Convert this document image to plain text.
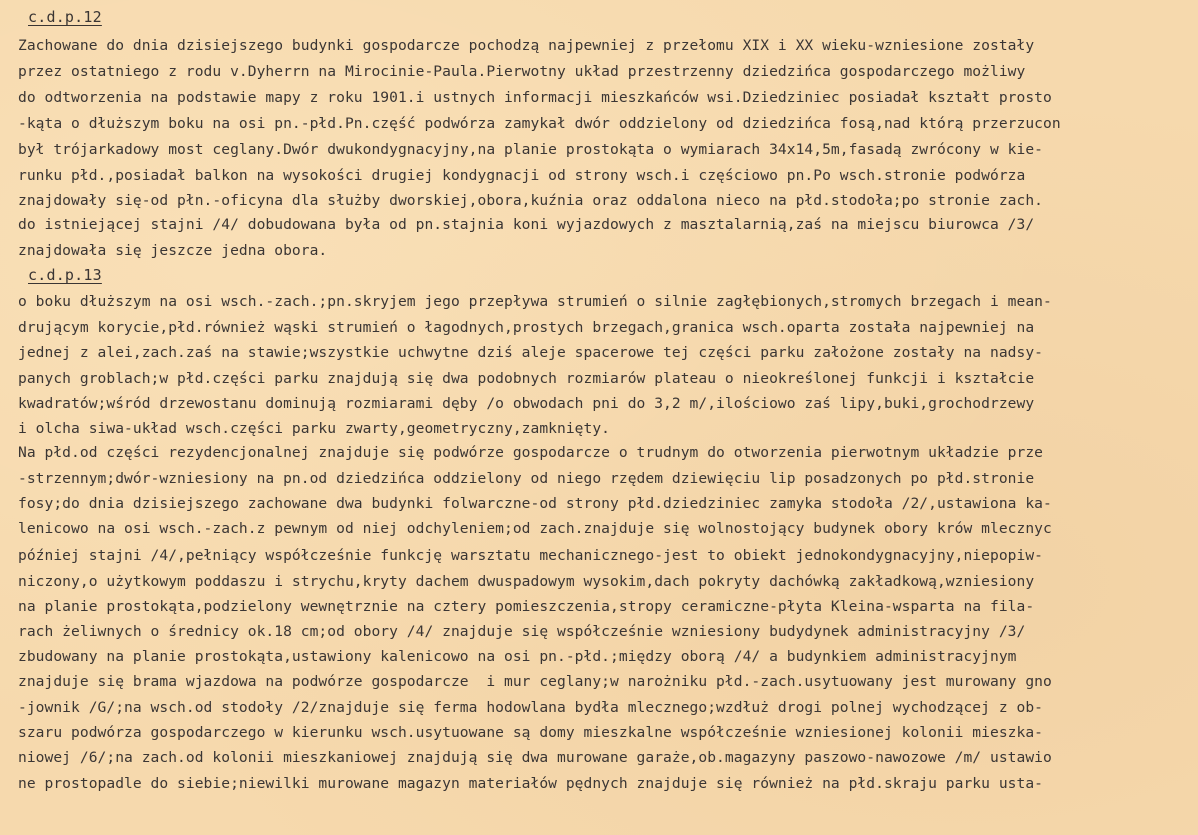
c.d.p.12
Zachowane do dnia dzisiejszego budynki gospodarcze pochodzą najpewniej z przełomu XIX i XX wieku-wzniesione zostały
przez ostatniego z rodu v.Dyherrn na Mirocinie-Paula.Pierwotny układ przestrzenny dziedzińca gospodarczego możliwy
do odtworzenia na podstawie mapy z roku 1901.i ustnych informacji mieszkańców wsi.Dziedziniec posiadał kształt prosto
-kąta o dłuższym boku na osi pn.-płd.Pn.część podwórza zamykał dwór oddzielony od dziedzińca fosą,nad którą przerzucon
był trójarkadowy most ceglany.Dwór dwukondygnacyjny,na planie prostokąta o wymiarach 34x14,5m,fasadą zwrócony w kie-
runku płd.,posiadał balkon na wysokości drugiej kondygnacji od strony wsch.i częściowo pn.Po wsch.stronie podwórza
znajdowały się-od płn.-oficyna dla służby dworskiej,obora,kuźnia oraz oddalona nieco na płd.stodoła;po stronie zach.
do istniejącej stajni /4/ dobudowana była od pn.stajnia koni wyjazdowych z masztalarnią,zaś na miejscu biurowca /3/
znajdowała się jeszcze jedna obora.
c.d.p.13
o boku dłuższym na osi wsch.-zach.;pn.skryjem jego przepływa strumień o silnie zagłębionych,stromych brzegach i mean-
drującym korycie,płd.również wąski strumień o łagodnych,prostych brzegach,granica wsch.oparta została najpewniej na
jednej z alei,zach.zaś na stawie;wszystkie uchwytne dziś aleje spacerowe tej części parku założone zostały na nadsy-
panych groblach;w płd.części parku znajdują się dwa podobnych rozmiarów plateau o nieokreślonej funkcji i kształcie
kwadratów;wśród drzewostanu dominują rozmiarami dęby /o obwodach pni do 3,2 m/,ilościowo zaś lipy,buki,grochodrzewy
i olcha siwa-układ wsch.części parku zwarty,geometryczny,zamknięty.
Na płd.od części rezydencjonalnej znajduje się podwórze gospodarcze o trudnym do otworzenia pierwotnym układzie prze
-strzennym;dwór-wzniesiony na pn.od dziedzińca oddzielony od niego rzędem dziewięciu lip posadzonych po płd.stronie
fosy;do dnia dzisiejszego zachowane dwa budynki folwarczne-od strony płd.dziedziniec zamyka stodoła /2/,ustawiona ka-
lenicowo na osi wsch.-zach.z pewnym od niej odchyleniem;od zach.znajduje się wolnostojący budynek obory krów mlecznyc
później stajni /4/,pełniący współcześnie funkcję warsztatu mechanicznego-jest to obiekt jednokondygnacyjny,niepopiw-
niczony,o użytkowym poddaszu i strychu,kryty dachem dwuspadowym wysokim,dach pokryty dachówką zakładkową,wzniesiony
na planie prostokąta,podzielony wewnętrznie na cztery pomieszczenia,stropy ceramiczne-płyta Kleina-wsparta na fila-
rach żeliwnych o średnicy ok.18 cm;od obory /4/ znajduje się współcześnie wzniesiony budydynek administracyjny /3/
zbudowany na planie prostokąta,ustawiony kalenicowo na osi pn.-płd.;między oborą /4/ a budynkiem administracyjnym
znajduje się brama wjazdowa na podwórze gospodarcze  i mur ceglany;w narożniku płd.-zach.usytuowany jest murowany gno
-jownik /G/;na wsch.od stodoły /2/znajduje się ferma hodowlana bydła mlecznego;wzdłuż drogi polnej wychodzącej z ob-
szaru podwórza gospodarczego w kierunku wsch.usytuowane są domy mieszkalne współcześnie wzniesionej kolonii mieszka-
niowej /6/;na zach.od kolonii mieszkaniowej znajdują się dwa murowane garaże,ob.magazyny paszowo-nawozowe /m/ ustawio
ne prostopadle do siebie;niewilki murowane magazyn materiałów pędnych znajduje się również na płd.skraju parku usta-
